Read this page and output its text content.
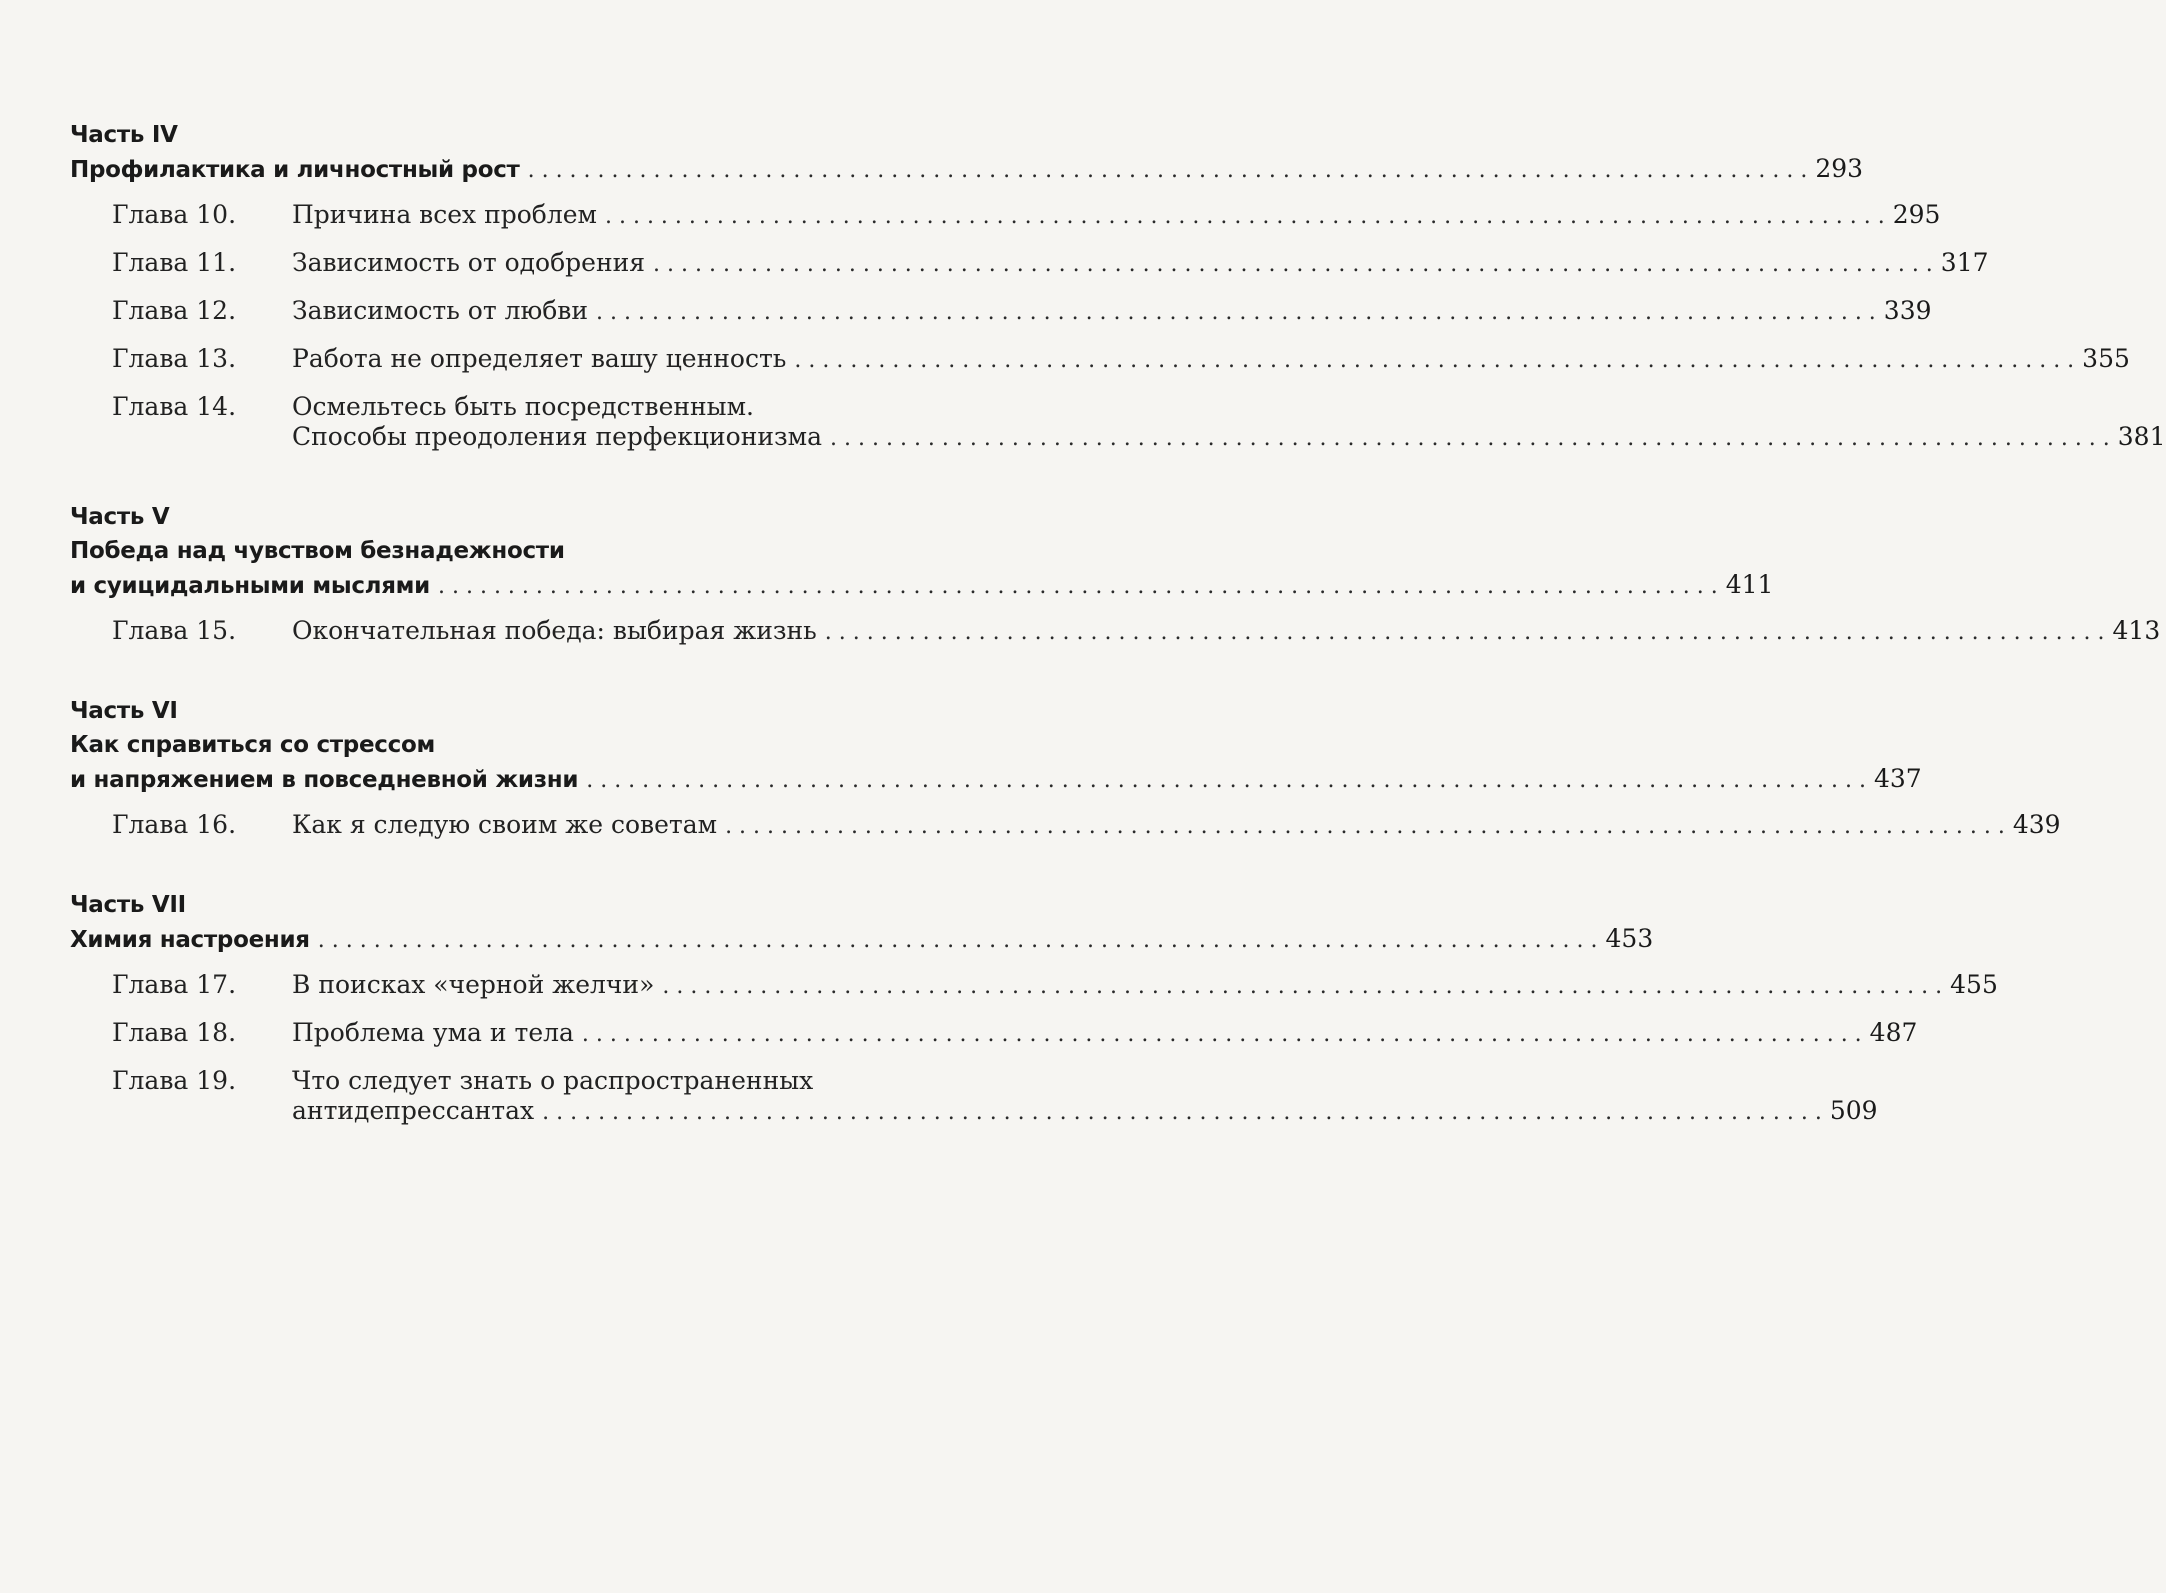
Часть IV
Профилактика и личностный рост . . .	293
Глава 10.	Причина всех проблем . . .	295
Глава 11.	Зависимость от одобрения . . .	317
Глава 12.	Зависимость от любви . . .	339
Глава 13.	Работа не определяет вашу ценность . . .	355
Глава 14.	Осмельтесь быть посредственным.
Способы преодоления перфекционизма . . .	381
Часть V
Победа над чувством безнадежности
и суицидальными мыслями . . .	411
Глава 15.	Окончательная победа: выбирая жизнь . . .	413
Часть VI
Как справиться со стрессом
и напряжением в повседневной жизни . . .	437
Глава 16.	Как я следую своим же советам . . .	439
Часть VII
Химия настроения . . .	453
Глава 17.	В поисках «черной желчи» . . .	455
Глава 18.	Проблема ума и тела . . .	487
Глава 19.	Что следует знать о распространенных
антидепрессантах . . .	509
